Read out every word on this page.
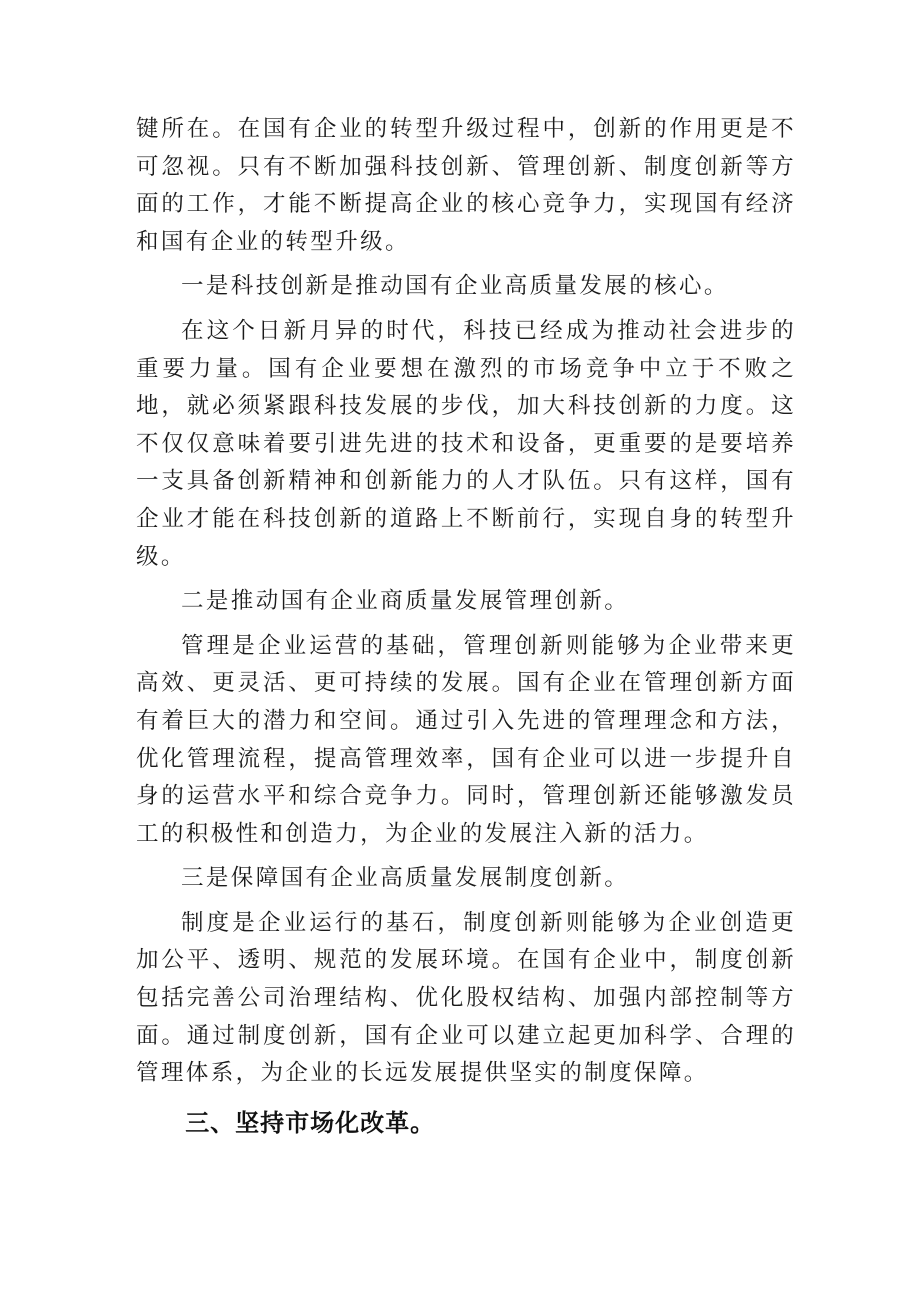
键所在。在国有企业的转型升级过程中，创新的作用更是不可忽视。只有不断加强科技创新、管理创新、制度创新等方面的工作，才能不断提高企业的核心竞争力，实现国有经济和国有企业的转型升级。

一是科技创新是推动国有企业高质量发展的核心。

在这个日新月异的时代，科技已经成为推动社会进步的重要力量。国有企业要想在激烈的市场竞争中立于不败之地，就必须紧跟科技发展的步伐，加大科技创新的力度。这不仅仅意味着要引进先进的技术和设备，更重要的是要培养一支具备创新精神和创新能力的人才队伍。只有这样，国有企业才能在科技创新的道路上不断前行，实现自身的转型升级。

二是推动国有企业商质量发展管理创新。

管理是企业运营的基础，管理创新则能够为企业带来更高效、更灵活、更可持续的发展。国有企业在管理创新方面有着巨大的潜力和空间。通过引入先进的管理理念和方法，优化管理流程，提高管理效率，国有企业可以进一步提升自身的运营水平和综合竞争力。同时，管理创新还能够激发员工的积极性和创造力，为企业的发展注入新的活力。

三是保障国有企业高质量发展制度创新。

制度是企业运行的基石，制度创新则能够为企业创造更加公平、透明、规范的发展环境。在国有企业中，制度创新包括完善公司治理结构、优化股权结构、加强内部控制等方面。通过制度创新，国有企业可以建立起更加科学、合理的管理体系，为企业的长远发展提供坚实的制度保障。

三、坚持市场化改革。
